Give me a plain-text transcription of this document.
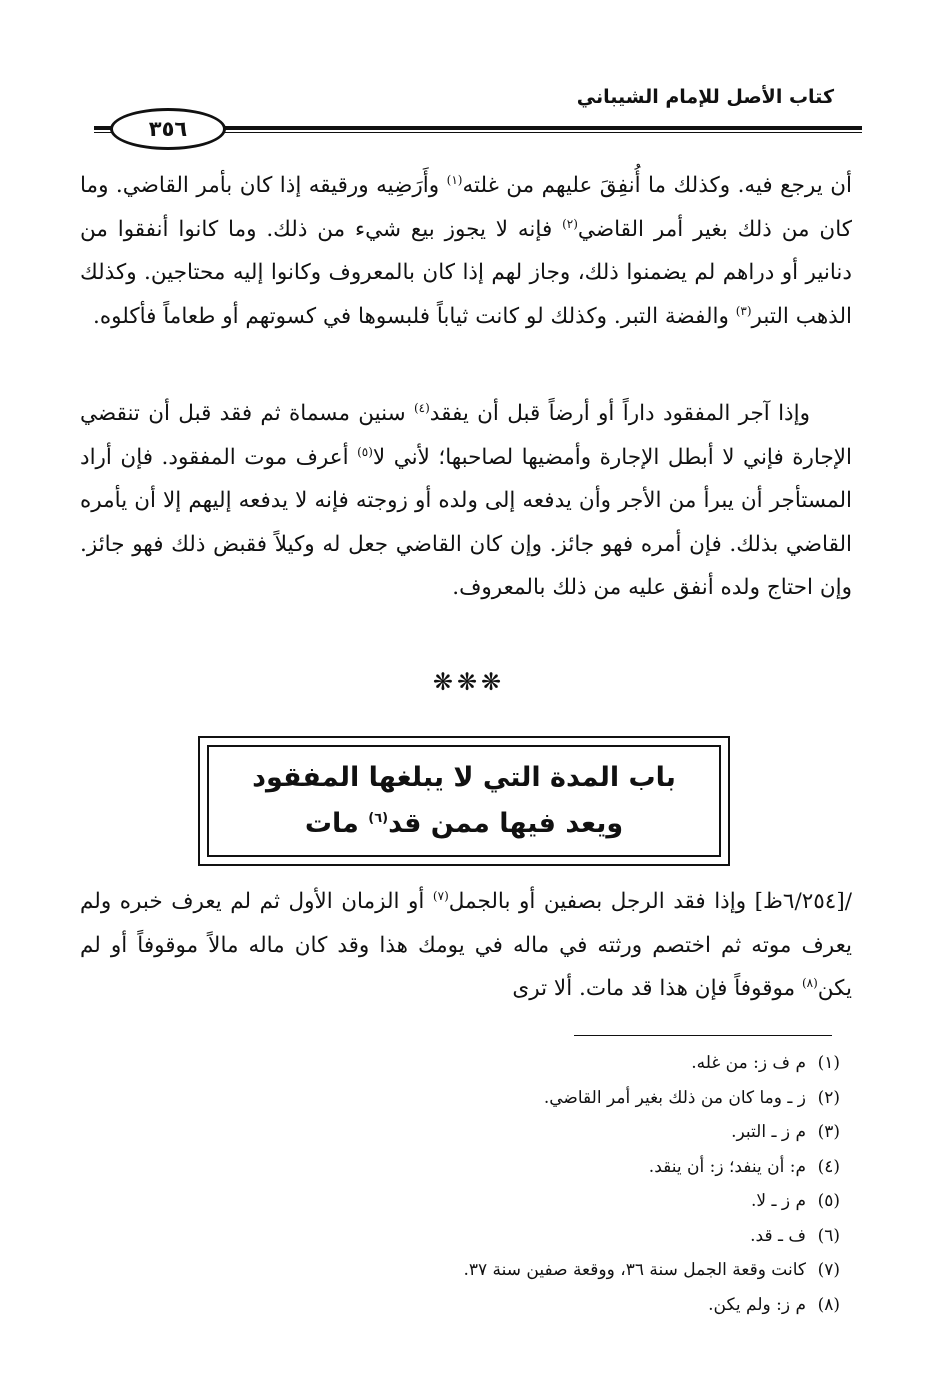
كتاب الأصل للإمام الشيباني
٣٥٦
أن يرجع فيه. وكذلك ما أُنفِقَ عليهم من غلته$^{(١)}$ وأَرَضِيه ورقيقه إذا كان بأمر القاضي. وما كان من ذلك بغير أمر القاضي$^{(٢)}$ فإنه لا يجوز بيع شيء من ذلك. وما كانوا أنفقوا من دنانير أو دراهم لم يضمنوا ذلك، وجاز لهم إذا كان بالمعروف وكانوا إليه محتاجين. وكذلك الذهب التبر$^{(٣)}$ والفضة التبر. وكذلك لو كانت ثياباً فلبسوها في كسوتهم أو طعاماً فأكلوه.
وإذا آجر المفقود داراً أو أرضاً قبل أن يفقد$^{(٤)}$ سنين مسماة ثم فقد قبل أن تنقضي الإجارة فإني لا أبطل الإجارة وأمضيها لصاحبها؛ لأني لا$^{(٥)}$ أعرف موت المفقود. فإن أراد المستأجر أن يبرأ من الأجر وأن يدفعه إلى ولده أو زوجته فإنه لا يدفعه إليهم إلا أن يأمره القاضي بذلك. فإن أمره فهو جائز. وإن كان القاضي جعل له وكيلاً فقبض ذلك فهو جائز. وإن احتاج ولده أنفق عليه من ذلك بالمعروف.
❋❋❋
باب المدة التي لا يبلغها المفقود
ويعد فيها ممن قد$^{(٦)}$ مات
/[٦/٢٥٤ظ] وإذا فقد الرجل بصفين أو بالجمل$^{(٧)}$ أو الزمان الأول ثم لم يعرف خبره ولم يعرف موته ثم اختصم ورثته في ماله في يومك هذا وقد كان ماله مالاً موقوفاً أو لم يكن$^{(٨)}$ موقوفاً فإن هذا قد مات. ألا ترى
(١)م ف ز: من غله.
(٢)ز ـ وما كان من ذلك بغير أمر القاضي.
(٣)م ز ـ التبر.
(٤)م: أن ينفد؛ ز: أن ينقد.
(٥)م ز ـ لا.
(٦)ف ـ قد.
(٧)كانت وقعة الجمل سنة ٣٦، ووقعة صفين سنة ٣٧.
(٨)م ز: ولم يكن.
